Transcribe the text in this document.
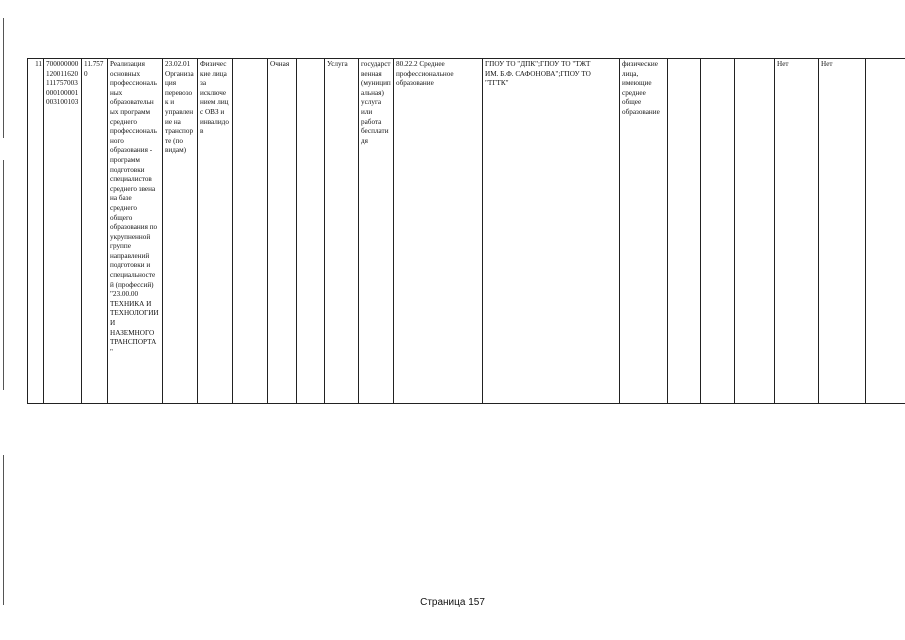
11	700000000
120011620
111757003
000100001
003100103	11.757
0	Реализация
основных
профессиональ
ных
образовательн
ых программ
среднего
профессиональ
ного
образования -
программ
подготовки
специалистов
среднего звена
на базе
среднего
общего
образования по
укрупненной
группе
направлений
подготовки и
специальносте
й (профессий)
"23.00.00
ТЕХНИКА И
ТЕХНОЛОГИИ
И
НАЗЕМНОГО
ТРАНСПОРТА
"	23.02.01
Организа
ция
перевозо
к и
управлен
ие на
транспор
те (по
видам)	Физичес
кие лица
за
исключе
нием лиц
с ОВЗ и
инвалидо
в		Очная		Услуга	государст
венная
(муницип
альная)
услуга
или
работа
бесплати
дя	80.22.2 Среднее
профессиональное
образование	ГПОУ ТО "ДПК";ГПОУ ТО "ТЖТ
ИМ. Б.Ф. САФОНОВА";ГПОУ ТО
"ТГТК"	физические
лица,
имеющие
среднее
общее
образование				Нет	Нет	
Страница 157
